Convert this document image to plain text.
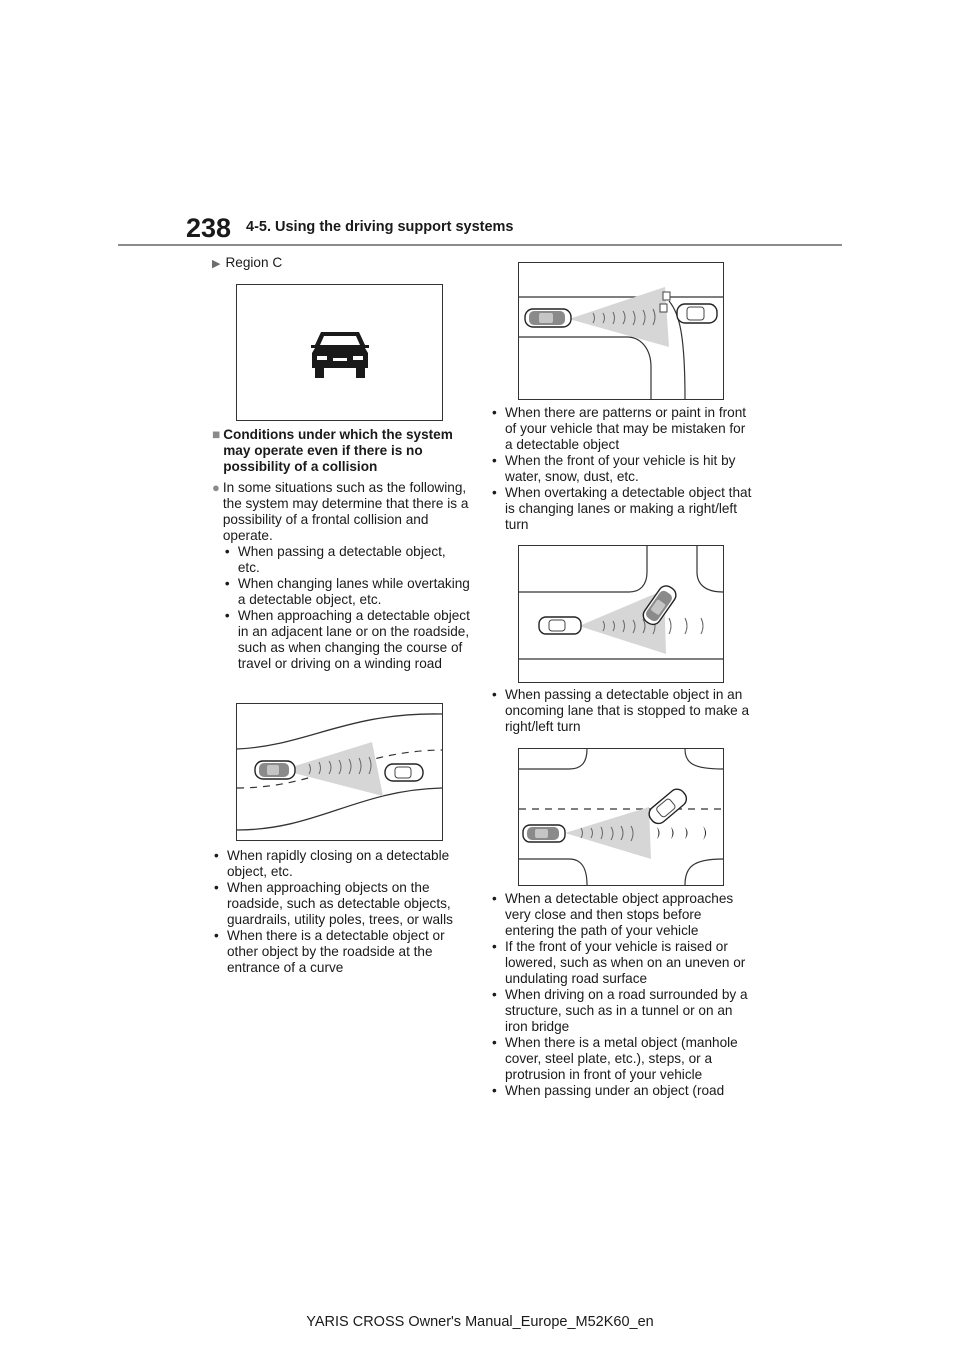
238 4-5. Using the driving support systems
▶ Region C
■ Conditions under which the system may operate even if there is no possibility of a collision
● In some situations such as the following, the system may determine that there is a possibility of a frontal collision and operate.

• When passing a detectable object, etc.
• When changing lanes while overtaking a detectable object, etc.
• When approaching a detectable object in an adjacent lane or on the roadside, such as when changing the course of travel or driving on a winding road
• When rapidly closing on a detectable object, etc.
• When approaching objects on the roadside, such as detectable objects, guardrails, utility poles, trees, or walls
• When there is a detectable object or other object by the roadside at the entrance of a curve
• When there are patterns or paint in front of your vehicle that may be mistaken for a detectable object
• When the front of your vehicle is hit by water, snow, dust, etc.
• When overtaking a detectable object that is changing lanes or making a right/left turn
• When passing a detectable object in an oncoming lane that is stopped to make a right/left turn
• When a detectable object approaches very close and then stops before entering the path of your vehicle
• If the front of your vehicle is raised or lowered, such as when on an uneven or undulating road surface
• When driving on a road surrounded by a structure, such as in a tunnel or on an iron bridge
• When there is a metal object (manhole cover, steel plate, etc.), steps, or a protrusion in front of your vehicle
• When passing under an object (road
YARIS CROSS Owner's Manual_Europe_M52K60_en
